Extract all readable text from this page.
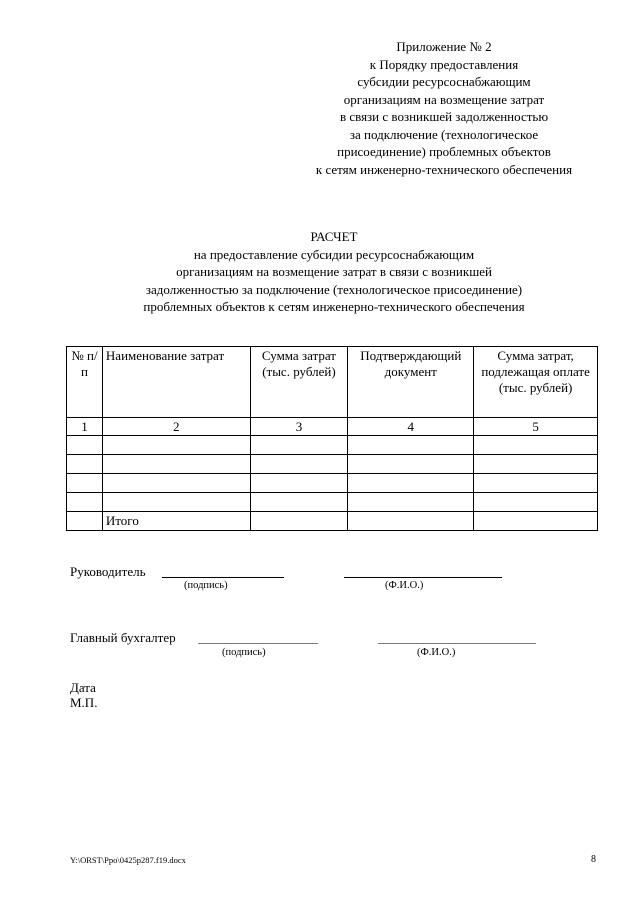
Приложение № 2
к Порядку предоставления
субсидии ресурсоснабжающим
организациям на возмещение затрат
в связи с возникшей задолженностью
за подключение (технологическое
присоединение) проблемных объектов
к сетям инженерно-технического обеспечения
РАСЧЕТ
на предоставление субсидии ресурсоснабжающим
организациям на возмещение затрат в связи с возникшей
задолженностью за подключение (технологическое присоединение)
проблемных объектов к сетям инженерно-технического обеспечения
№ п/п	Наименование затрат	Сумма затрат (тыс. рублей)	Подтверждающий документ	Сумма затрат, подлежащая оплате (тыс. рублей)
1	2	3	4	5

	Итого			
Руководитель
(подпись)	(Ф.И.О.)
Главный бухгалтер
(подпись)	(Ф.И.О.)
Дата
М.П.
Y:\ORST\Ppo\0425p287.f19.docx	8
